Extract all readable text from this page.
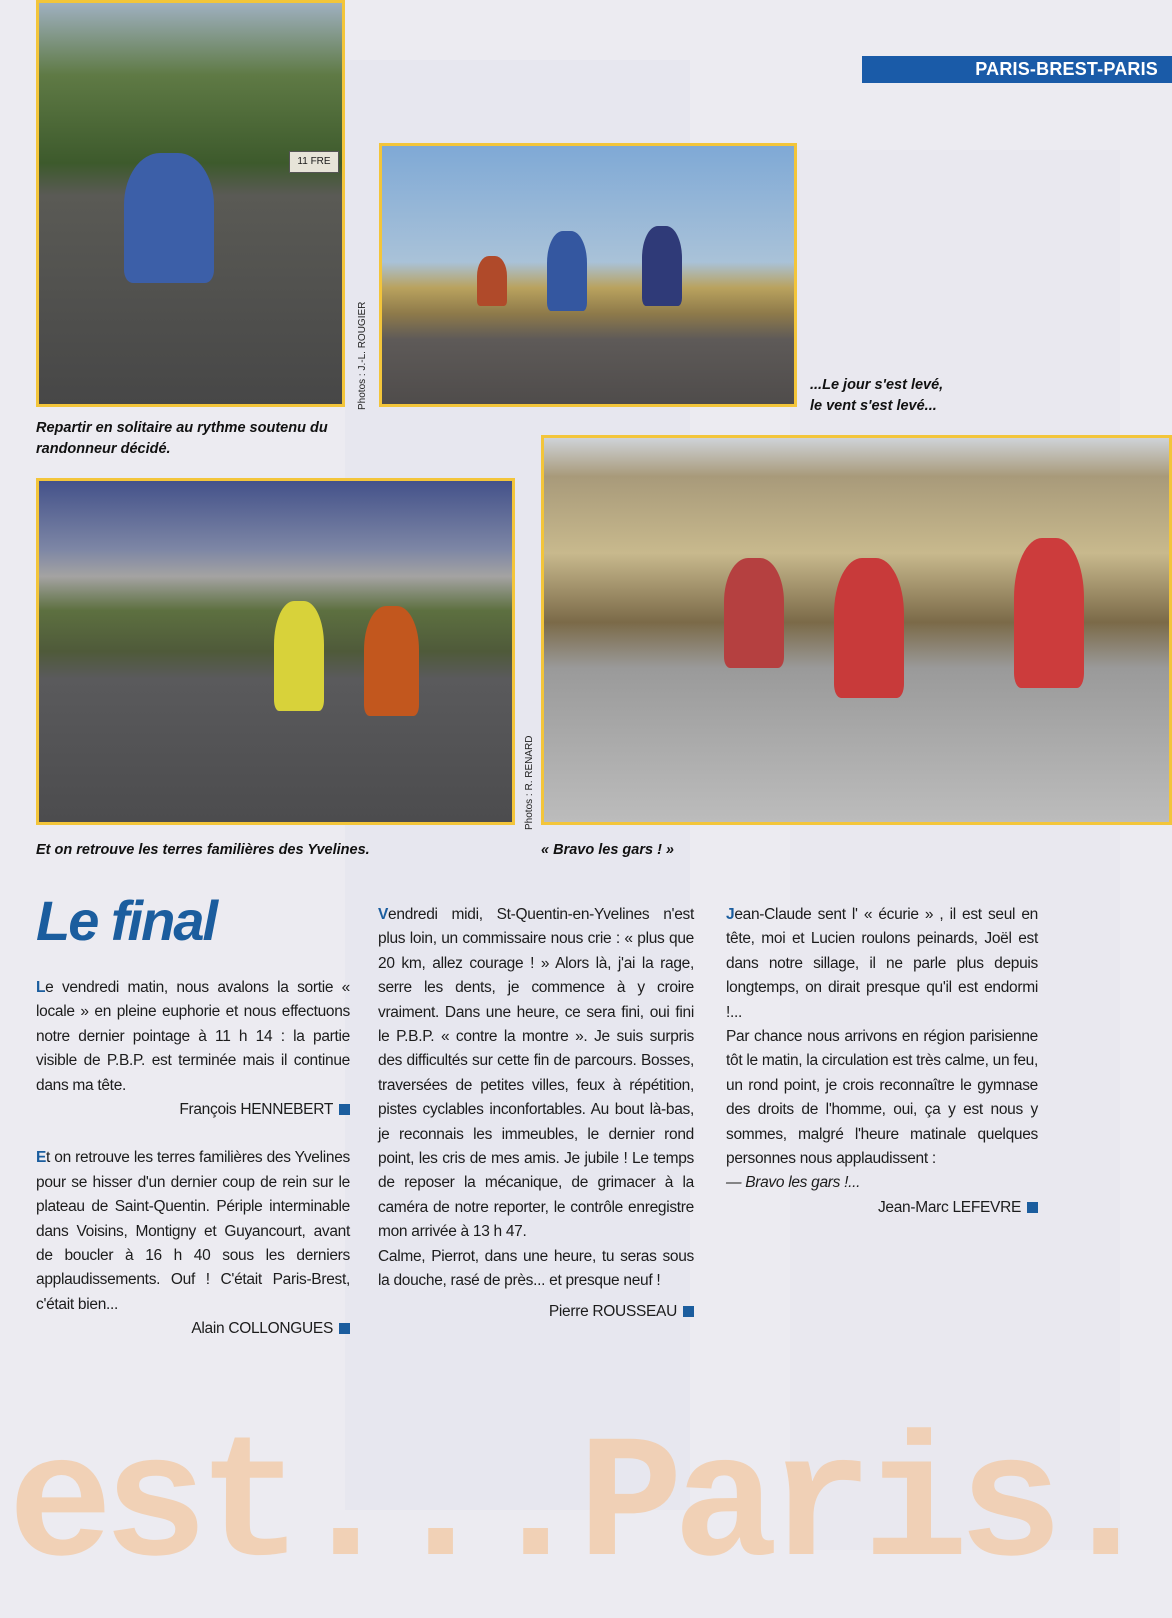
est...Paris.
PARIS-BREST-PARIS
11 FRE
Photos : J.-L. ROUGIER
Repartir en solitaire au rythme soutenu du randonneur décidé.
...Le jour s'est levé,
le vent s'est levé...
Photos : R. RENARD
Et on retrouve les terres familières des Yvelines.	« Bravo les gars ! »
Le final

Le vendredi matin, nous avalons la sortie « locale » en pleine euphorie et nous effectuons notre dernier pointage à 11 h 14 : la partie visible de P.B.P. est terminée mais il continue dans ma tête.

François HENNEBERT

Et on retrouve les terres familières des Yvelines pour se hisser d'un dernier coup de rein sur le plateau de Saint-Quentin. Périple interminable dans Voisins, Montigny et Guyancourt, avant de boucler à 16 h 40 sous les derniers applaudissements. Ouf ! C'était Paris-Brest, c'était bien...

Alain COLLONGUES

Vendredi midi, St-Quentin-en-Yvelines n'est plus loin, un commissaire nous crie : « plus que 20 km, allez courage ! » Alors là, j'ai la rage, serre les dents, je commence à y croire vraiment. Dans une heure, ce sera fini, oui fini le P.B.P. « contre la montre ». Je suis surpris des difficultés sur cette fin de parcours. Bosses, traversées de petites villes, feux à répétition, pistes cyclables inconfortables. Au bout là-bas, je reconnais les immeubles, le dernier rond point, les cris de mes amis. Je jubile ! Le temps de reposer la mécanique, de grimacer à la caméra de notre reporter, le contrôle enregistre mon arrivée à 13 h 47.

Calme, Pierrot, dans une heure, tu seras sous la douche, rasé de près... et presque neuf !

Pierre ROUSSEAU

Jean-Claude sent l' « écurie » , il est seul en tête, moi et Lucien roulons peinards, Joël est dans notre sillage, il ne parle plus depuis longtemps, on dirait presque qu'il est endormi !...

Par chance nous arrivons en région parisienne tôt le matin, la circulation est très calme, un feu, un rond point, je crois reconnaître le gymnase des droits de l'homme, oui, ça y est nous y sommes, malgré l'heure matinale quelques personnes nous applaudissent :

— Bravo les gars !...

Jean-Marc LEFEVRE
